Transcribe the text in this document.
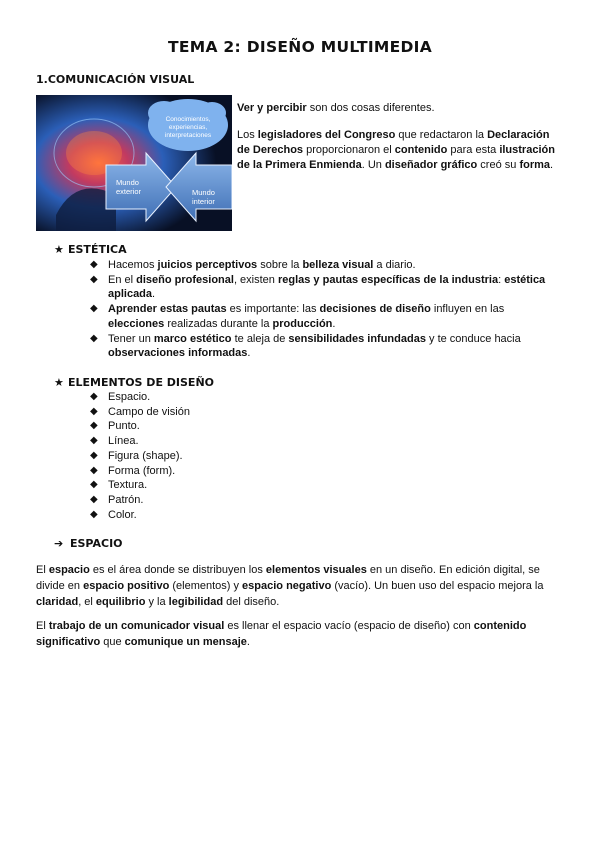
TEMA 2: DISEÑO MULTIMEDIA
1.COMUNICACIÓN VISUAL
Conocimientos, experiencias, interpretaciones
Mundo exterior	Mundo interior

Ver y percibir son dos cosas diferentes.

Los legisladores del Congreso que redactaron la Declaración de Derechos proporcionaron el contenido para esta ilustración de la Primera Enmienda. Un diseñador gráfico creó su forma.

★ ESTÉTICA
◆ Hacemos juicios perceptivos sobre la belleza visual a diario.
◆ En el diseño profesional, existen reglas y pautas específicas de la industria: estética aplicada.
◆ Aprender estas pautas es importante: las decisiones de diseño influyen en las elecciones realizadas durante la producción.
◆ Tener un marco estético te aleja de sensibilidades infundadas y te conduce hacia observaciones informadas.
★ ELEMENTOS DE DISEÑO
◆ Espacio.
◆ Campo de visión
◆ Punto.
◆ Línea.
◆ Figura (shape).
◆ Forma (form).
◆ Textura.
◆ Patrón.
◆ Color.
➔ ESPACIO

El espacio es el área donde se distribuyen los elementos visuales en un diseño. En edición digital, se divide en espacio positivo (elementos) y espacio negativo (vacío). Un buen uso del espacio mejora la claridad, el equilibrio y la legibilidad del diseño.

El trabajo de un comunicador visual es llenar el espacio vacío (espacio de diseño) con contenido significativo que comunique un mensaje.
